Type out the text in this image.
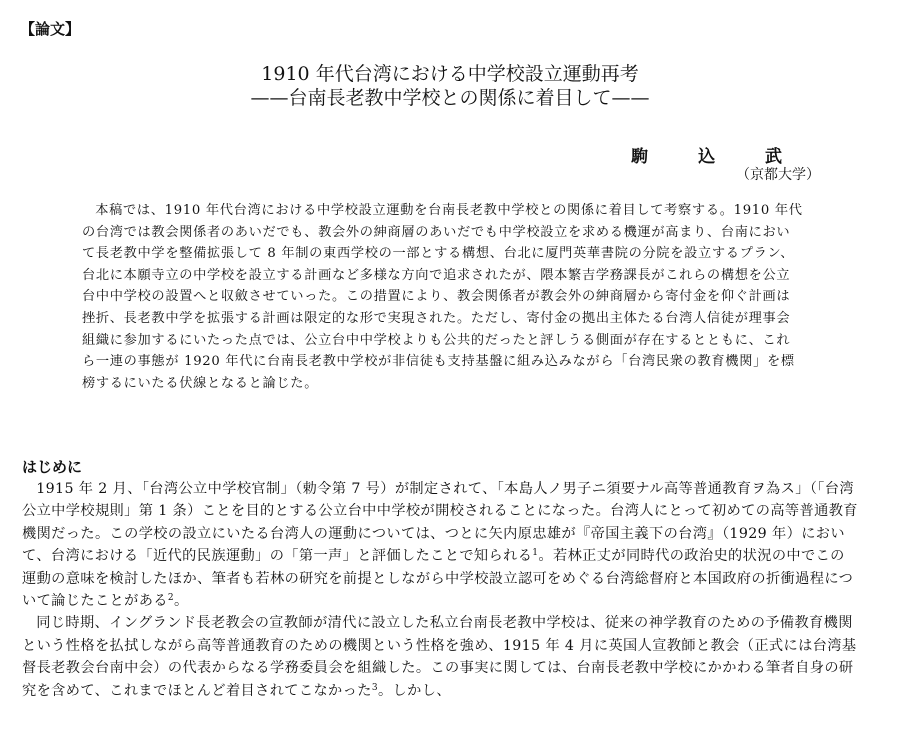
【論文】
1910 年代台湾における中学校設立運動再考
——台南長老教中学校との関係に着目して——
駒 込 武
（京都大学）

本稿では、1910 年代台湾における中学校設立運動を台南長老教中学校との関係に着目して考察する。1910 年代の台湾では教会関係者のあいだでも、教会外の紳商層のあいだでも中学校設立を求める機運が高まり、台南において長老教中学を整備拡張して 8 年制の東西学校の一部とする構想、台北に厦門英華書院の分院を設立するプラン、台北に本願寺立の中学校を設立する計画など多様な方向で追求されたが、隈本繁吉学務課長がこれらの構想を公立台中中学校の設置へと収斂させていった。この措置により、教会関係者が教会外の紳商層から寄付金を仰ぐ計画は挫折、長老教中学を拡張する計画は限定的な形で実現された。ただし、寄付金の拠出主体たる台湾人信徒が理事会組織に参加するにいたった点では、公立台中中学校よりも公共的だったと評しうる側面が存在するとともに、これら一連の事態が 1920 年代に台南長老教中学校が非信徒も支持基盤に組み込みながら「台湾民衆の教育機関」を標榜するにいたる伏線となると論じた。

はじめに

1915 年 2 月、「台湾公立中学校官制」（勅令第 7 号）が制定されて、「本島人ノ男子ニ須要ナル高等普通教育ヲ為ス」（「台湾公立中学校規則」第 1 条）ことを目的とする公立台中中学校が開校されることになった。台湾人にとって初めての高等普通教育機関だった。この学校の設立にいたる台湾人の運動については、つとに矢内原忠雄が『帝国主義下の台湾』（1929 年）において、台湾における「近代的民族運動」の「第一声」と評価したことで知られる$^1$。若林正丈が同時代の政治史的状況の中でこの運動の意味を検討したほか、筆者も若林の研究を前提としながら中学校設立認可をめぐる台湾総督府と本国政府の折衝過程について論じたことがある$^2$。

同じ時期、イングランド長老教会の宣教師が清代に設立した私立台南長老教中学校は、従来の神学教育のための予備教育機関という性格を払拭しながら高等普通教育のための機関という性格を強め、1915 年 4 月に英国人宣教師と教会（正式には台湾基督長老教会台南中会）の代表からなる学務委員会を組織した。この事実に関しては、台南長老教中学校にかかわる筆者自身の研究を含めて、これまでほとんど着目されてこなかった$^3$。しかし、
